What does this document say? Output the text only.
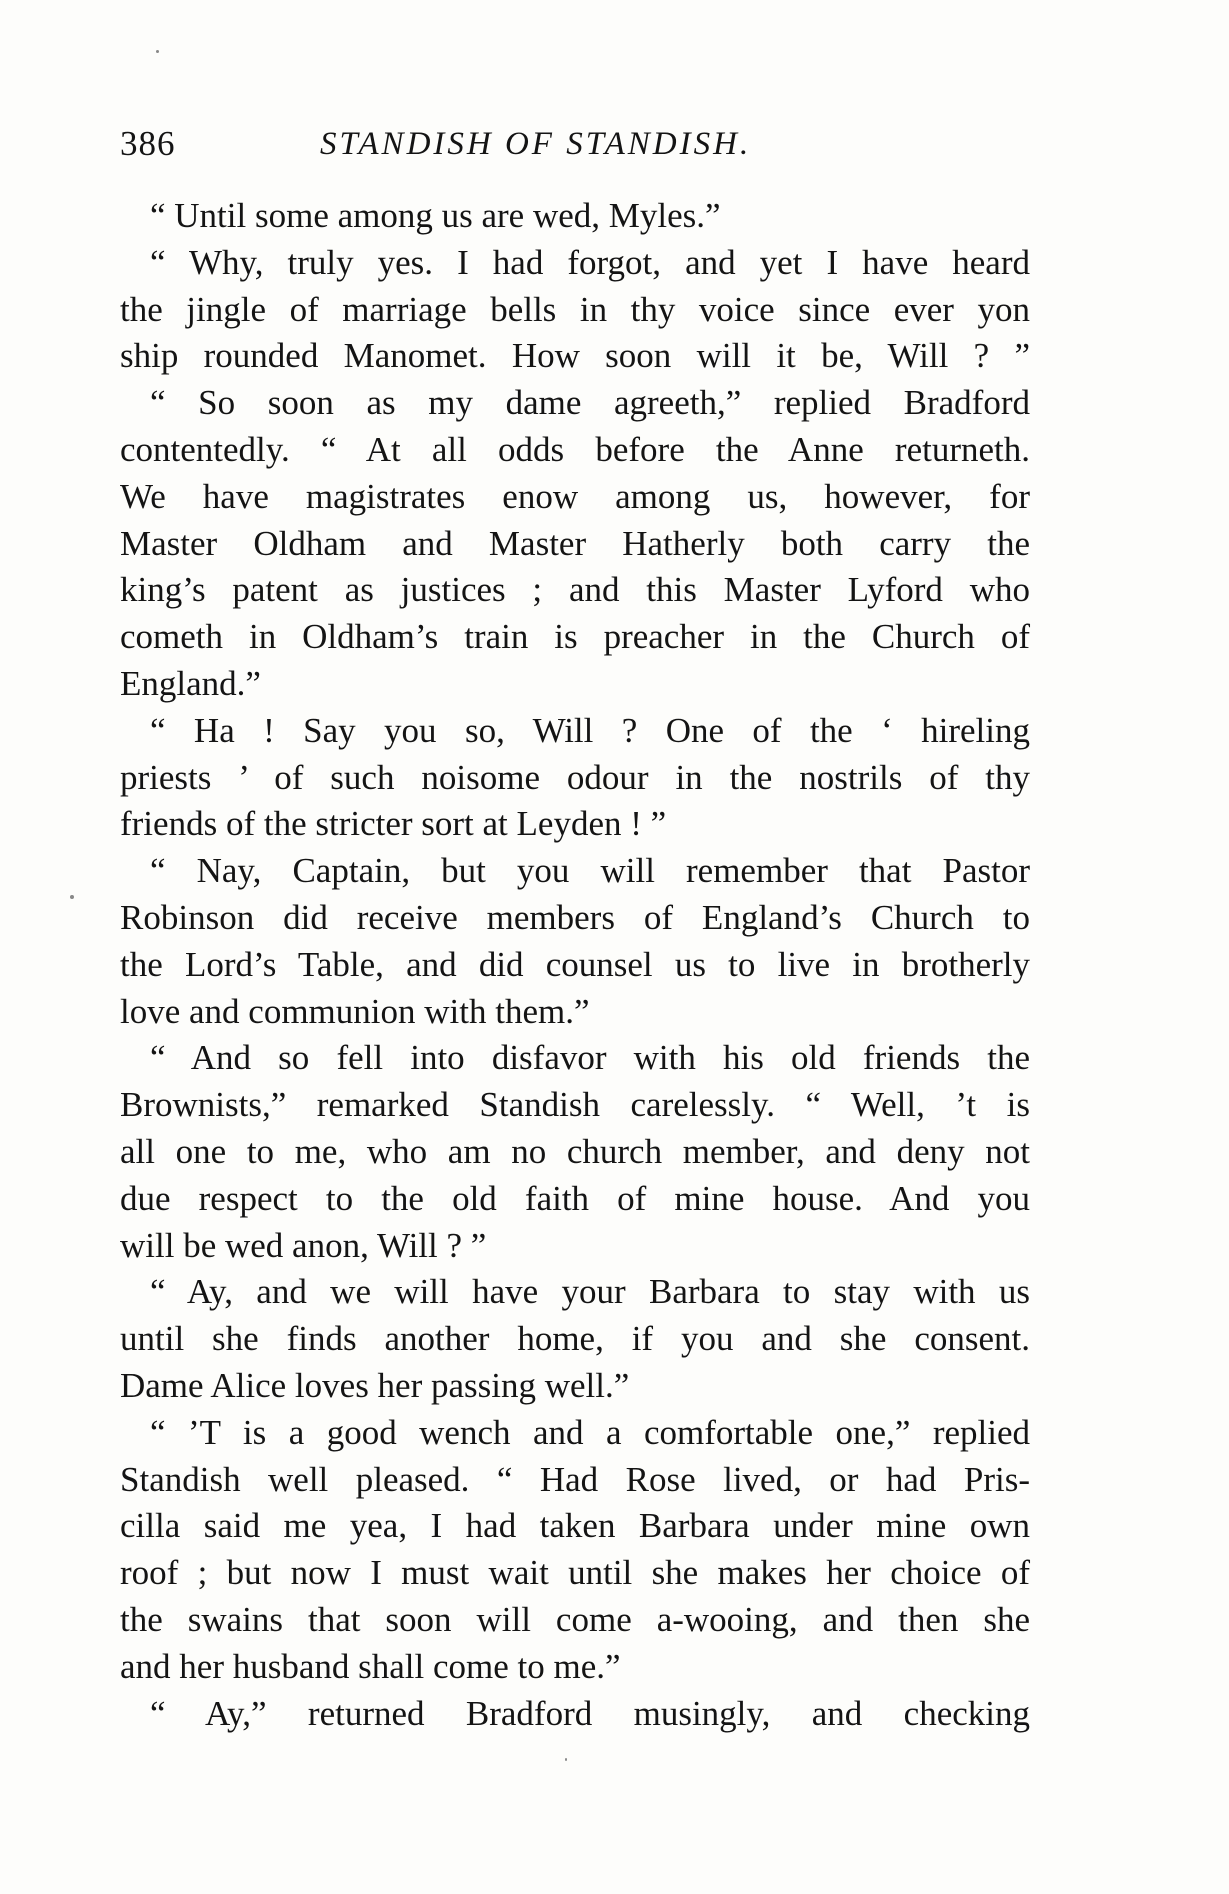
386	STANDISH OF STANDISH.
“ Until some among us are wed, Myles.”
“ Why, truly yes. I had forgot, and yet I have heard
the jingle of marriage bells in thy voice since ever yon
ship rounded Manomet. How soon will it be, Will ? ”
“ So soon as my dame agreeth,” replied Bradford
contentedly. “ At all odds before the Anne returneth.
We have magistrates enow among us, however, for
Master Oldham and Master Hatherly both carry the
king’s patent as justices ; and this Master Lyford who
cometh in Oldham’s train is preacher in the Church of
England.”
“ Ha ! Say you so, Will ? One of the ‘ hireling
priests ’ of such noisome odour in the nostrils of thy
friends of the stricter sort at Leyden ! ”
“ Nay, Captain, but you will remember that Pastor
Robinson did receive members of England’s Church to
the Lord’s Table, and did counsel us to live in brotherly
love and communion with them.”
“ And so fell into disfavor with his old friends the
Brownists,” remarked Standish carelessly. “ Well, ’t is
all one to me, who am no church member, and deny not
due respect to the old faith of mine house. And you
will be wed anon, Will ? ”
“ Ay, and we will have your Barbara to stay with us
until she finds another home, if you and she consent.
Dame Alice loves her passing well.”
“ ’T is a good wench and a comfortable one,” replied
Standish well pleased. “ Had Rose lived, or had Pris-
cilla said me yea, I had taken Barbara under mine own
roof ; but now I must wait until she makes her choice of
the swains that soon will come a-wooing, and then she
and her husband shall come to me.”
“ Ay,” returned Bradford musingly, and checking
